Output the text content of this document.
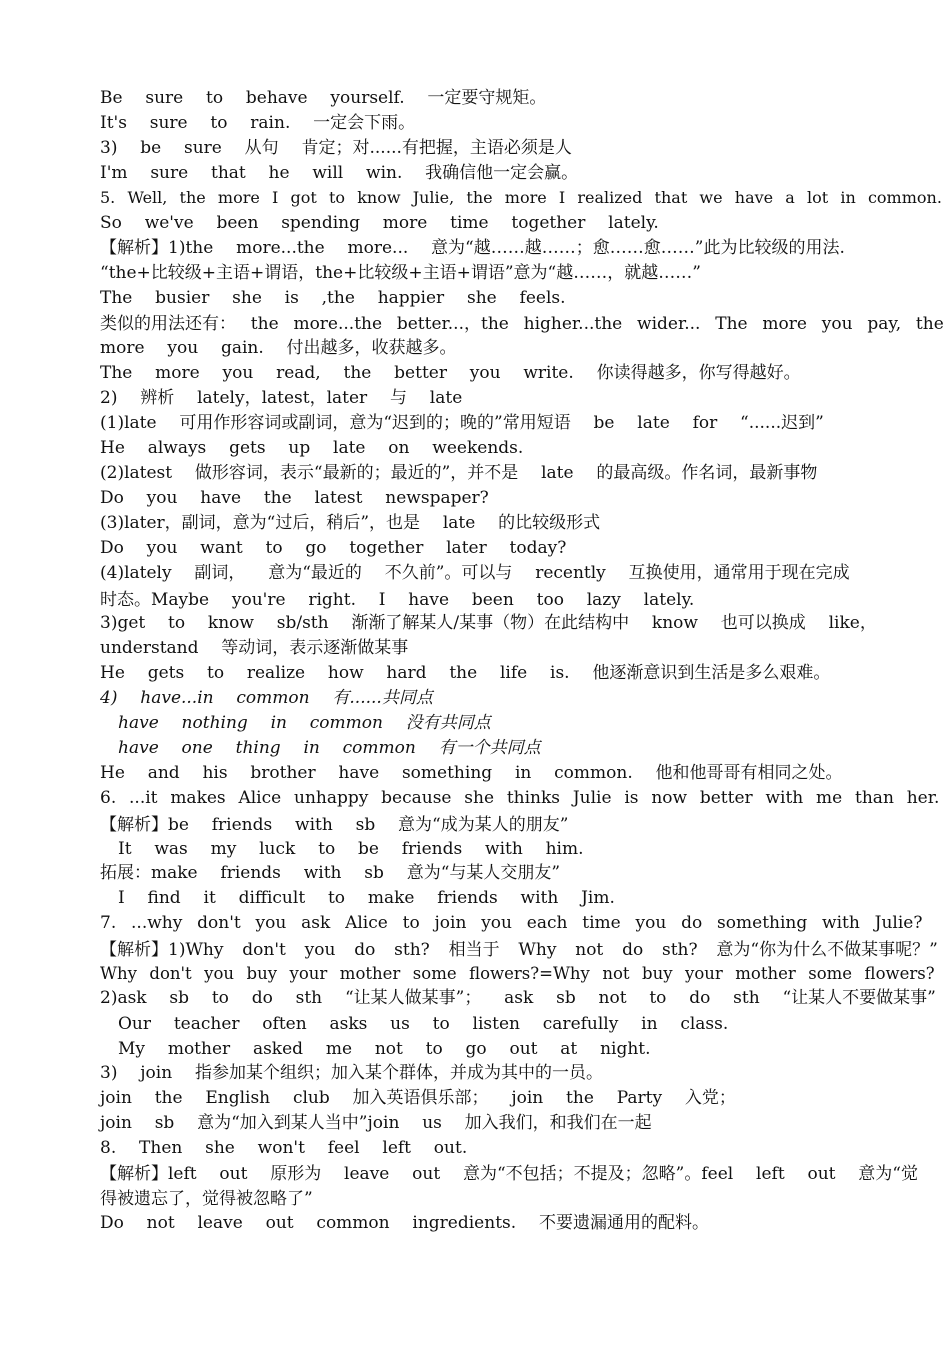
Be  sure  to  behave  yourself.  一定要守规矩。
It's  sure  to  rain.  一定会下雨。
3)  be  sure  从句  肯定；对......有把握，主语必须是人
I'm  sure  that  he  will  win.  我确信他一定会赢。
5.  Well,  the  more  I  got  to  know  Julie,  the  more  I  realized  that  we  have  a  lot  in  common.
So  we've  been  spending  more  time  together  lately.
【解析】1)the  more...the  more...  意为“越……越……；愈……愈……”此为比较级的用法.
“the+比较级+主语+谓语，the+比较级+主语+谓语”意为“越……，就越……”
The  busier  she  is  ,the  happier  she  feels.
类似的用法还有：  the  more...the  better...，the  higher...the  wider...  The  more  you  pay,  the
more  you  gain.  付出越多，收获越多。
The  more  you  read,  the  better  you  write.  你读得越多，你写得越好。
2)  辨析  lately，latest，later  与  late
(1)late  可用作形容词或副词，意为“迟到的；晚的”常用短语  be  late  for  “......迟到”
He  always  gets  up  late  on  weekends.
(2)latest  做形容词，表示“最新的；最近的”，并不是  late  的最高级。作名词，最新事物
Do  you  have  the  latest  newspaper?
(3)later，副词，意为“过后，稍后”，也是  late  的比较级形式
Do  you  want  to  go  together  later  today?
(4)lately  副词，  意为“最近的  不久前”。可以与  recently  互换使用，通常用于现在完成
时态。Maybe  you're  right.  I  have  been  too  lazy  lately.
3)get  to  know  sb/sth  渐渐了解某人/某事（物）在此结构中  know  也可以换成  like，
understand  等动词，表示逐渐做某事
He  gets  to  realize  how  hard  the  life  is.  他逐渐意识到生活是多么艰难。
4)  have...in  common  有......共同点
have  nothing  in  common  没有共同点
have  one  thing  in  common  有一个共同点
He  and  his  brother  have  something  in  common.  他和他哥哥有相同之处。
6.  ...it  makes  Alice  unhappy  because  she  thinks  Julie  is  now  better  with  me  than  her.
【解析】be  friends  with  sb  意为“成为某人的朋友”
It  was  my  luck  to  be  friends  with  him.
拓展：make  friends  with  sb  意为“与某人交朋友”
I  find  it  difficult  to  make  friends  with  Jim.
7.  ...why  don't  you  ask  Alice  to  join  you  each  time  you  do  something  with  Julie?
【解析】1)Why  don't  you  do  sth?  相当于  Why  not  do  sth?  意为“你为什么不做某事呢？”
Why  don't  you  buy  your  mother  some  flowers?=Why  not  buy  your  mother  some  flowers?
2)ask  sb  to  do  sth  “让某人做某事”；  ask  sb  not  to  do  sth  “让某人不要做某事”
Our  teacher  often  asks  us  to  listen  carefully  in  class.
My  mother  asked  me  not  to  go  out  at  night.
3)  join  指参加某个组织；加入某个群体，并成为其中的一员。
join  the  English  club  加入英语俱乐部；  join  the  Party  入党；
join  sb  意为“加入到某人当中”join  us  加入我们，和我们在一起
8.  Then  she  won't  feel  left  out.
【解析】left  out  原形为  leave  out  意为“不包括；不提及；忽略”。feel  left  out  意为“觉
得被遗忘了，觉得被忽略了”
Do  not  leave  out  common  ingredients.  不要遗漏通用的配料。
